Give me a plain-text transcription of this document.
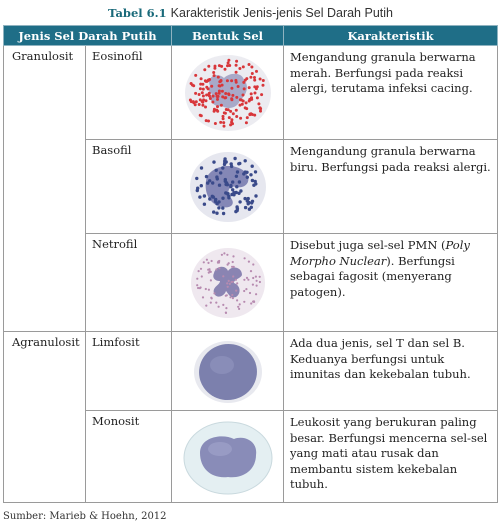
Tabel 6.1 Karakteristik Jenis-jenis Sel Darah Putih
Jenis Sel Darah Putih		Bentuk Sel	Karakteristik
Granulosit	Eosinofil		Mengandung granula berwarna merah. Berfungsi pada reaksi alergi, terutama infeksi cacing.
	Basofil		Mengandung granula berwarna biru. Berfungsi pada reaksi alergi.
	Netrofil		Disebut juga sel-sel PMN (Poly Morpho Nuclear). Berfungsi sebagai fagosit (menyerang patogen).
Agranulosit	Limfosit		Ada dua jenis, sel T dan sel B. Keduanya berfungsi untuk imunitas dan kekebalan tubuh.
	Monosit		Leukosit yang berukuran paling besar. Berfungsi mencerna sel-sel yang mati atau rusak dan membantu sistem kekebalan tubuh.
Sumber: Marieb & Hoehn, 2012
